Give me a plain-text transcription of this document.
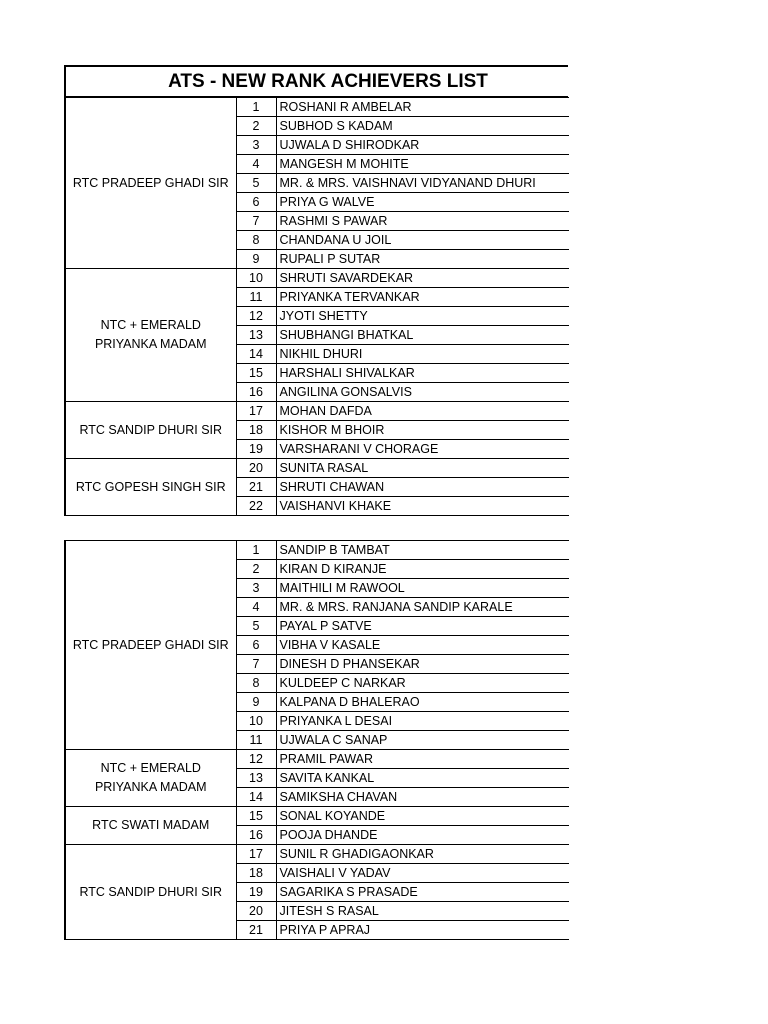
ATS - NEW RANK ACHIEVERS LIST
RTC PRADEEP GHADI SIR	1	ROSHANI R AMBELAR
	2	SUBHOD S KADAM
	3	UJWALA D SHIRODKAR
	4	MANGESH M MOHITE
	5	MR. & MRS. VAISHNAVI VIDYANAND DHURI
	6	PRIYA G WALVE
	7	RASHMI S PAWAR
	8	CHANDANA U JOIL
	9	RUPALI P SUTAR
NTC + EMERALD PRIYANKA MADAM	10	SHRUTI SAVARDEKAR
	11	PRIYANKA TERVANKAR
	12	JYOTI SHETTY
	13	SHUBHANGI BHATKAL
	14	NIKHIL DHURI
	15	HARSHALI SHIVALKAR
	16	ANGILINA GONSALVIS
RTC SANDIP DHURI SIR	17	MOHAN DAFDA
	18	KISHOR M BHOIR
	19	VARSHARANI V CHORAGE
RTC GOPESH SINGH SIR	20	SUNITA RASAL
	21	SHRUTI CHAWAN
	22	VAISHANVI KHAKE
RTC PRADEEP GHADI SIR	1	SANDIP B TAMBAT
	2	KIRAN D KIRANJE
	3	MAITHILI M RAWOOL
	4	MR. & MRS. RANJANA SANDIP KARALE
	5	PAYAL P SATVE
	6	VIBHA V KASALE
	7	DINESH D PHANSEKAR
	8	KULDEEP C NARKAR
	9	KALPANA D BHALERAO
	10	PRIYANKA L DESAI
	11	UJWALA C SANAP
NTC + EMERALD PRIYANKA MADAM	12	PRAMIL PAWAR
	13	SAVITA KANKAL
	14	SAMIKSHA CHAVAN
RTC SWATI MADAM	15	SONAL KOYANDE
	16	POOJA DHANDE
RTC SANDIP DHURI SIR	17	SUNIL R GHADIGAONKAR
	18	VAISHALI V YADAV
	19	SAGARIKA S PRASADE
	20	JITESH S RASAL
	21	PRIYA P APRAJ
